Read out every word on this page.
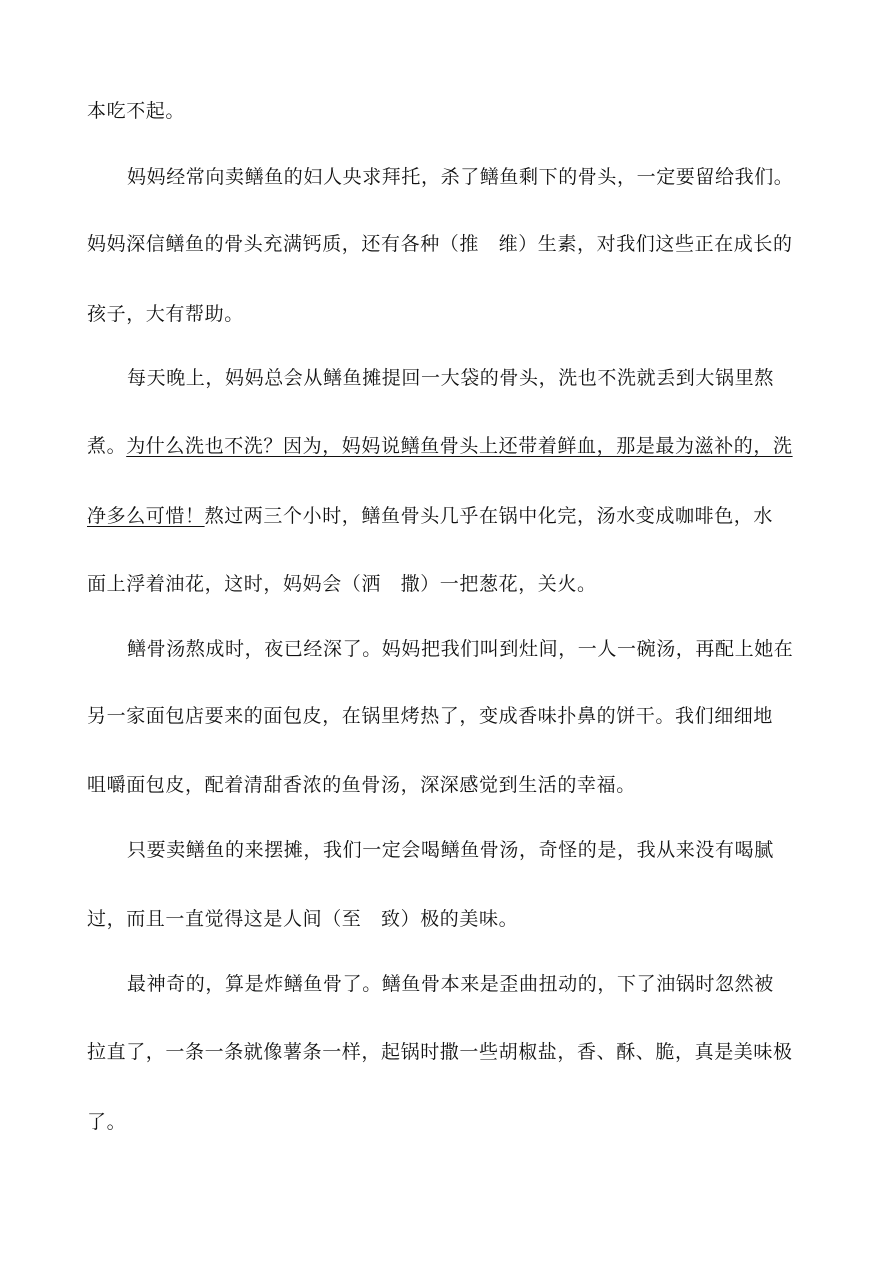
本吃不起。
妈妈经常向卖鳝鱼的妇人央求拜托，杀了鳝鱼剩下的骨头，一定要留给我们。
妈妈深信鳝鱼的骨头充满钙质，还有各种（推　维）生素，对我们这些正在成长的
孩子，大有帮助。
每天晚上，妈妈总会从鳝鱼摊提回一大袋的骨头，洗也不洗就丢到大锅里熬
煮。为什么洗也不洗？因为，妈妈说鳝鱼骨头上还带着鲜血，那是最为滋补的，洗
净多么可惜！熬过两三个小时，鳝鱼骨头几乎在锅中化完，汤水变成咖啡色，水
面上浮着油花，这时，妈妈会（洒　撒）一把葱花，关火。
鳝骨汤熬成时，夜已经深了。妈妈把我们叫到灶间，一人一碗汤，再配上她在
另一家面包店要来的面包皮，在锅里烤热了，变成香味扑鼻的饼干。我们细细地
咀嚼面包皮，配着清甜香浓的鱼骨汤，深深感觉到生活的幸福。
只要卖鳝鱼的来摆摊，我们一定会喝鳝鱼骨汤，奇怪的是，我从来没有喝腻
过，而且一直觉得这是人间（至　致）极的美味。
最神奇的，算是炸鳝鱼骨了。鳝鱼骨本来是歪曲扭动的，下了油锅时忽然被
拉直了，一条一条就像薯条一样，起锅时撒一些胡椒盐，香、酥、脆，真是美味极
了。
